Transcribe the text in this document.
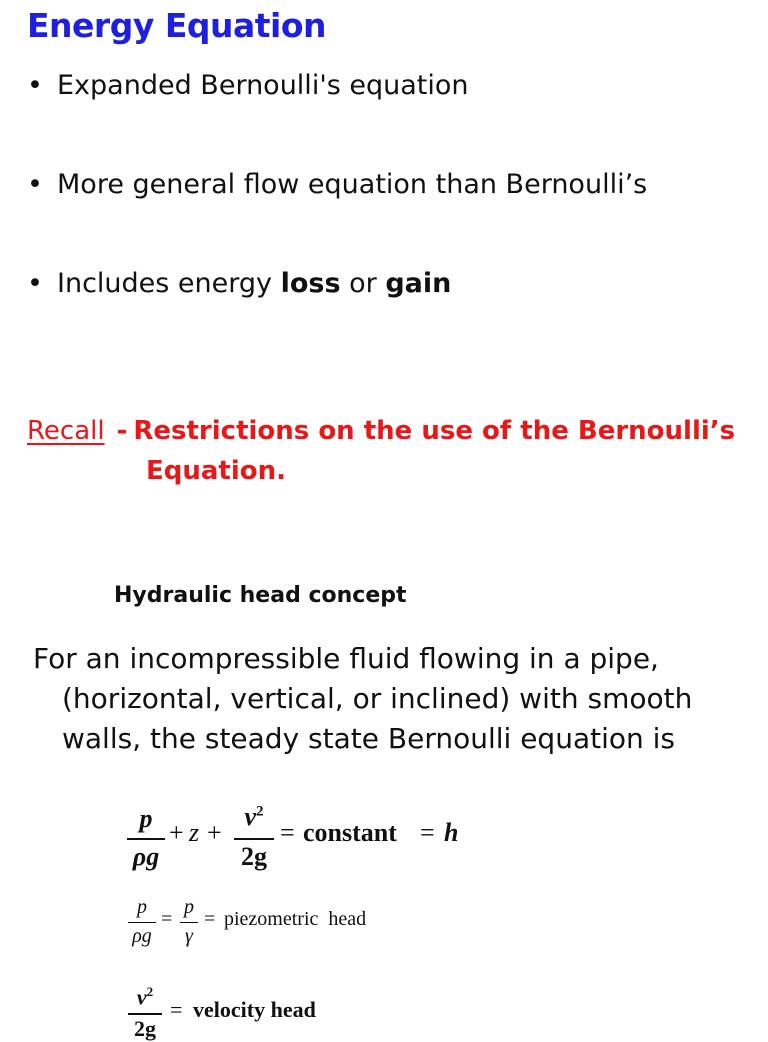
Energy Equation
• Expanded Bernoulli's equation
• More general flow equation than Bernoulli’s
• Includes energy loss or gain
Recall - Restrictions on the use of the Bernoulli’s
Equation.
Hydraulic head concept
For an incompressible fluid flowing in a pipe,
(horizontal, vertical, or inclined) with smooth
walls, the steady state Bernoulli equation is
p
ρg
+ z +
$v^2$
2g
= constant = h
p
ρg
=
p
γ
= piezometric  head
$v^2$
2g
= velocity head
